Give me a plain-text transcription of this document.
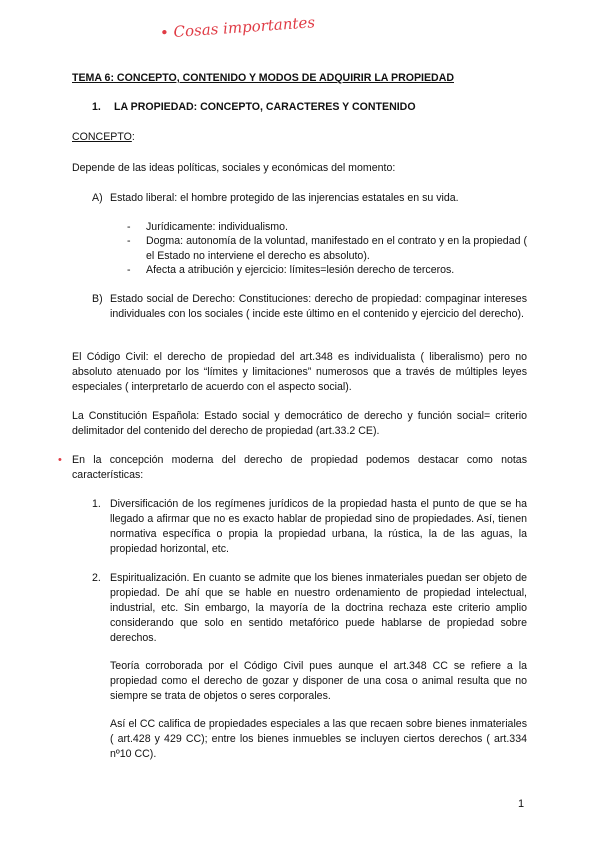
• Cosas importantes
TEMA 6: CONCEPTO, CONTENIDO Y MODOS DE ADQUIRIR LA PROPIEDAD
1. LA PROPIEDAD: CONCEPTO, CARACTERES Y CONTENIDO
CONCEPTO:
Depende de las ideas políticas, sociales y económicas del momento:
A) Estado liberal: el hombre protegido de las injerencias estatales en su vida.
-	Jurídicamente: individualismo.
-	Dogma: autonomía de la voluntad, manifestado en el contrato y en la propiedad ( el Estado no interviene el derecho es absoluto).
-	Afecta a atribución y ejercicio: límites=lesión derecho de terceros.
B) Estado social de Derecho: Constituciones: derecho de propiedad: compaginar intereses individuales con los sociales ( incide este último en el contenido y ejercicio del derecho).
El Código Civil: el derecho de propiedad del art.348 es individualista ( liberalismo) pero no absoluto atenuado por los “límites y limitaciones” numerosos que a través de múltiples leyes especiales ( interpretarlo de acuerdo con el aspecto social).
La Constitución Española: Estado social y democrático de derecho y función social= criterio delimitador del contenido del derecho de propiedad (art.33.2 CE).
• En la concepción moderna del derecho de propiedad podemos destacar como notas características:
1. Diversificación de los regímenes jurídicos de la propiedad hasta el punto de que se ha llegado a afirmar que no es exacto hablar de propiedad sino de propiedades. Así, tienen normativa específica o propia la propiedad urbana, la rústica, la de las aguas, la propiedad horizontal, etc.
2. Espiritualización. En cuanto se admite que los bienes inmateriales puedan ser objeto de propiedad. De ahí que se hable en nuestro ordenamiento de propiedad intelectual, industrial, etc. Sin embargo, la mayoría de la doctrina rechaza este criterio amplio considerando que solo en sentido metafórico puede hablarse de propiedad sobre derechos.
Teoría corroborada por el Código Civil pues aunque el art.348 CC se refiere a la propiedad como el derecho de gozar y disponer de una cosa o animal resulta que no siempre se trata de objetos o seres corporales.
Así el CC califica de propiedades especiales a las que recaen sobre bienes inmateriales ( art.428 y 429 CC); entre los bienes inmuebles se incluyen ciertos derechos ( art.334 nº10 CC).
1
